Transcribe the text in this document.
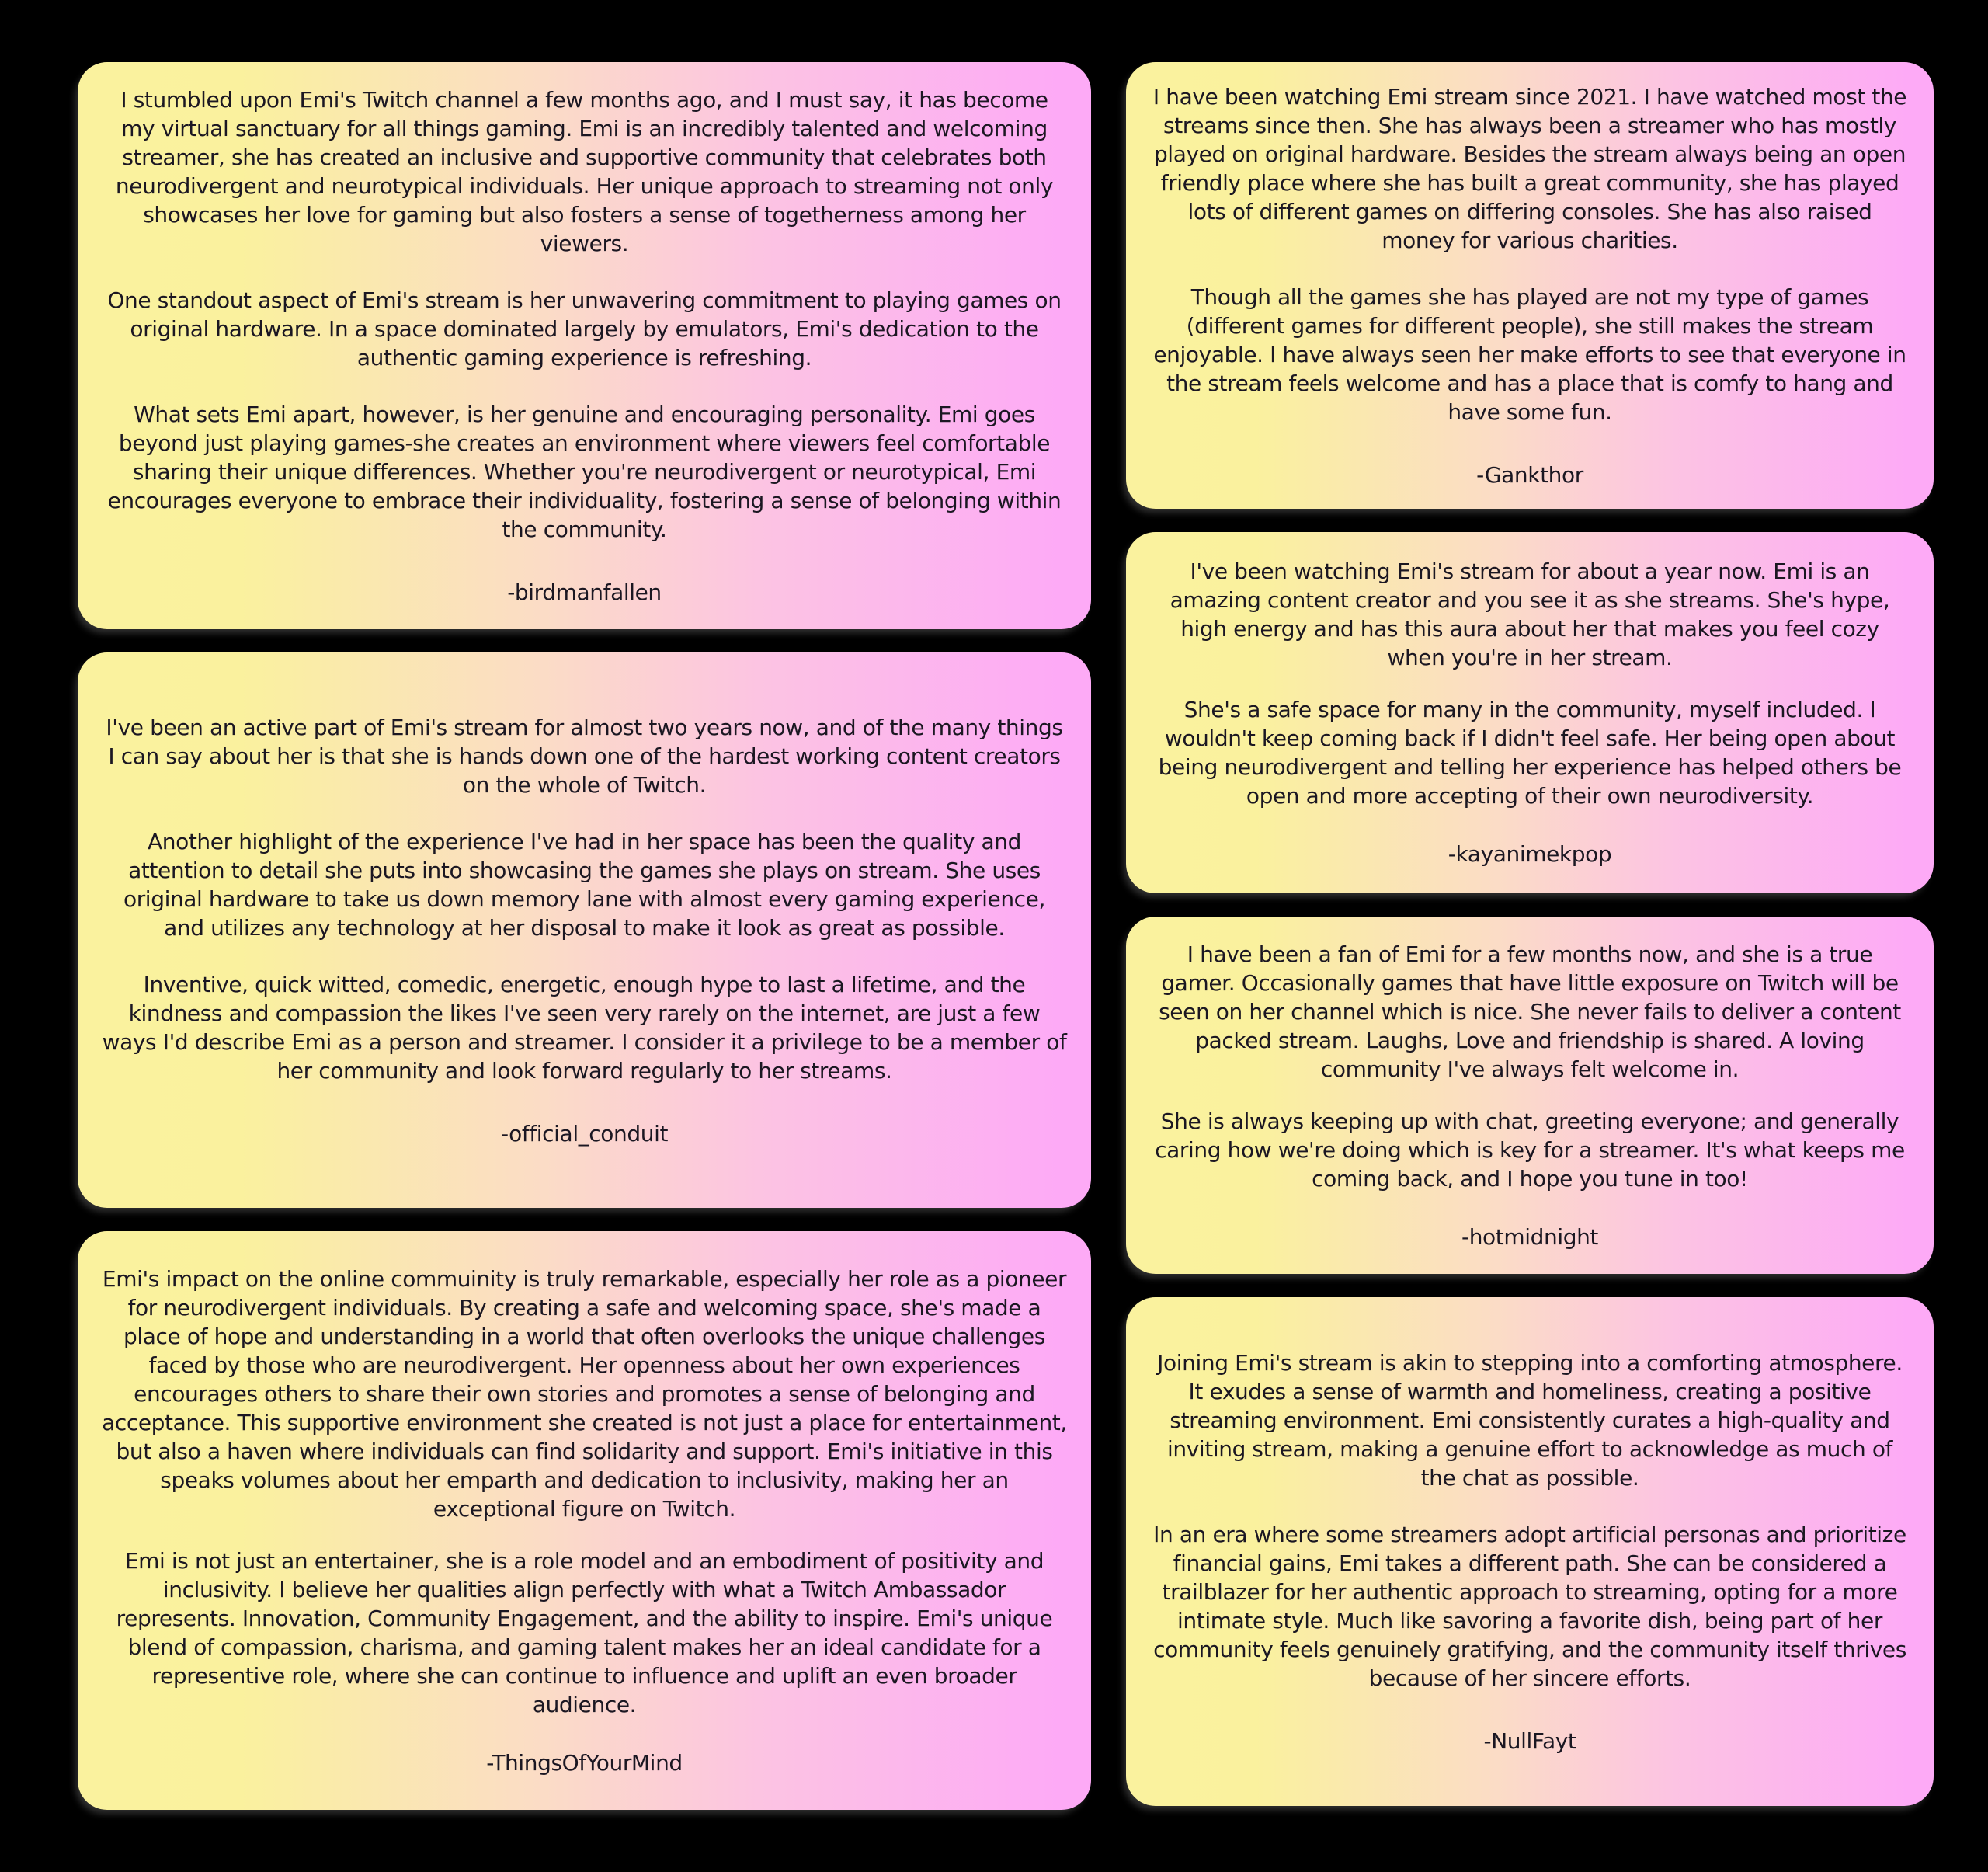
I stumbled upon Emi's Twitch channel a few months ago, and I must say, it has become my virtual sanctuary for all things gaming. Emi is an incredibly talented and welcoming streamer, she has created an inclusive and supportive community that celebrates both neurodivergent and neurotypical individuals. Her unique approach to streaming not only showcases her love for gaming but also fosters a sense of togetherness among her viewers.

One standout aspect of Emi's stream is her unwavering commitment to playing games on original hardware. In a space dominated largely by emulators, Emi's dedication to the authentic gaming experience is refreshing.

What sets Emi apart, however, is her genuine and encouraging personality. Emi goes beyond just playing games-she creates an environment where viewers feel comfortable sharing their unique differences. Whether you're neurodivergent or neurotypical, Emi encourages everyone to embrace their individuality, fostering a sense of belonging within the community.

-birdmanfallen

I've been an active part of Emi's stream for almost two years now, and of the many things I can say about her is that she is hands down one of the hardest working content creators on the whole of Twitch.

Another highlight of the experience I've had in her space has been the quality and attention to detail she puts into showcasing the games she plays on stream. She uses original hardware to take us down memory lane with almost every gaming experience, and utilizes any technology at her disposal to make it look as great as possible.

Inventive, quick witted, comedic, energetic, enough hype to last a lifetime, and the kindness and compassion the likes I've seen very rarely on the internet, are just a few ways I'd describe Emi as a person and streamer. I consider it a privilege to be a member of her community and look forward regularly to her streams.

-official_conduit

Emi's impact on the online commuinity is truly remarkable, especially her role as a pioneer for neurodivergent individuals. By creating a safe and welcoming space, she's made a place of hope and understanding in a world that often overlooks the unique challenges faced by those who are neurodivergent. Her openness about her own experiences encourages others to share their own stories and promotes a sense of belonging and acceptance. This supportive environment she created is not just a place for entertainment, but also a haven where individuals can find solidarity and support. Emi's initiative in this speaks volumes about her emparth and dedication to inclusivity, making her an exceptional figure on Twitch.

Emi is not just an entertainer, she is a role model and an embodiment of positivity and inclusivity. I believe her qualities align perfectly with what a Twitch Ambassador represents. Innovation, Community Engagement, and the ability to inspire. Emi's unique blend of compassion, charisma, and gaming talent makes her an ideal candidate for a representive role, where she can continue to influence and uplift an even broader audience.

-ThingsOfYourMind

I have been watching Emi stream since 2021. I have watched most the streams since then. She has always been a streamer who has mostly played on original hardware. Besides the stream always being an open friendly place where she has built a great community, she has played lots of different games on differing consoles. She has also raised money for various charities.

Though all the games she has played are not my type of games (different games for different people), she still makes the stream enjoyable. I have always seen her make efforts to see that everyone in the stream feels welcome and has a place that is comfy to hang and have some fun.

-Gankthor

I've been watching Emi's stream for about a year now. Emi is an amazing content creator and you see it as she streams. She's hype, high energy and has this aura about her that makes you feel cozy when you're in her stream.

She's a safe space for many in the community, myself included. I wouldn't keep coming back if I didn't feel safe. Her being open about being neurodivergent and telling her experience has helped others be open and more accepting of their own neurodiversity.

-kayanimekpop

I have been a fan of Emi for a few months now, and she is a true gamer. Occasionally games that have little exposure on Twitch will be seen on her channel which is nice. She never fails to deliver a content packed stream. Laughs, Love and friendship is shared. A loving community I've always felt welcome in.

She is always keeping up with chat, greeting everyone; and generally caring how we're doing which is key for a streamer. It's what keeps me coming back, and I hope you tune in too!

-hotmidnight

Joining Emi's stream is akin to stepping into a comforting atmosphere. It exudes a sense of warmth and homeliness, creating a positive streaming environment. Emi consistently curates a high-quality and inviting stream, making a genuine effort to acknowledge as much of the chat as possible.

In an era where some streamers adopt artificial personas and prioritize financial gains, Emi takes a different path. She can be considered a trailblazer for her authentic approach to streaming, opting for a more intimate style. Much like savoring a favorite dish, being part of her community feels genuinely gratifying, and the community itself thrives because of her sincere efforts.

-NullFayt
